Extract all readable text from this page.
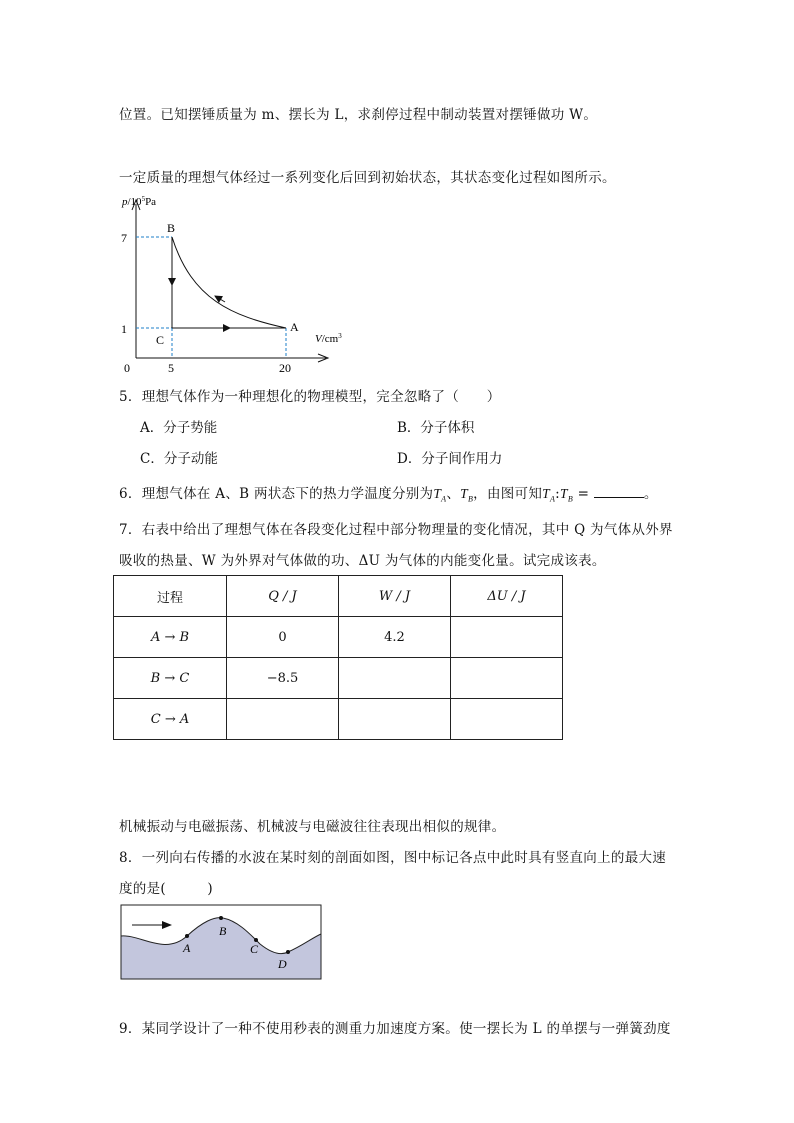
位置。已知摆锤质量为 m、摆长为 L，求刹停过程中制动装置对摆锤做功 W。
一定质量的理想气体经过一系列变化后回到初始状态，其状态变化过程如图所示。
$p/10^5Pa$
$V/cm^3$
7
1
0	5	20
B
A
C
5．理想气体作为一种理想化的物理模型，完全忽略了（　　）
A．分子势能	B．分子体积
C．分子动能	D．分子间作用力
6．理想气体在 A、B 两状态下的热力学温度分别为$T_A$、$T_B$，由图可知$T_A:T_B$ =	。
7．右表中给出了理想气体在各段变化过程中部分物理量的变化情况，其中 Q 为气体从外界
吸收的热量、W 为外界对气体做的功、ΔU 为气体的内能变化量。试完成该表。
过程	Q / J	W / J	ΔU / J
A → B	0	4.2	
B → C	−8.5		
C → A			
机械振动与电磁振荡、机械波与电磁波往往表现出相似的规律。
8．一列向右传播的水波在某时刻的剖面如图，图中标记各点中此时具有竖直向上的最大速
度的是(　　　)
A
B
C
D
9．某同学设计了一种不使用秒表的测重力加速度方案。使一摆长为 L 的单摆与一弹簧劲度
